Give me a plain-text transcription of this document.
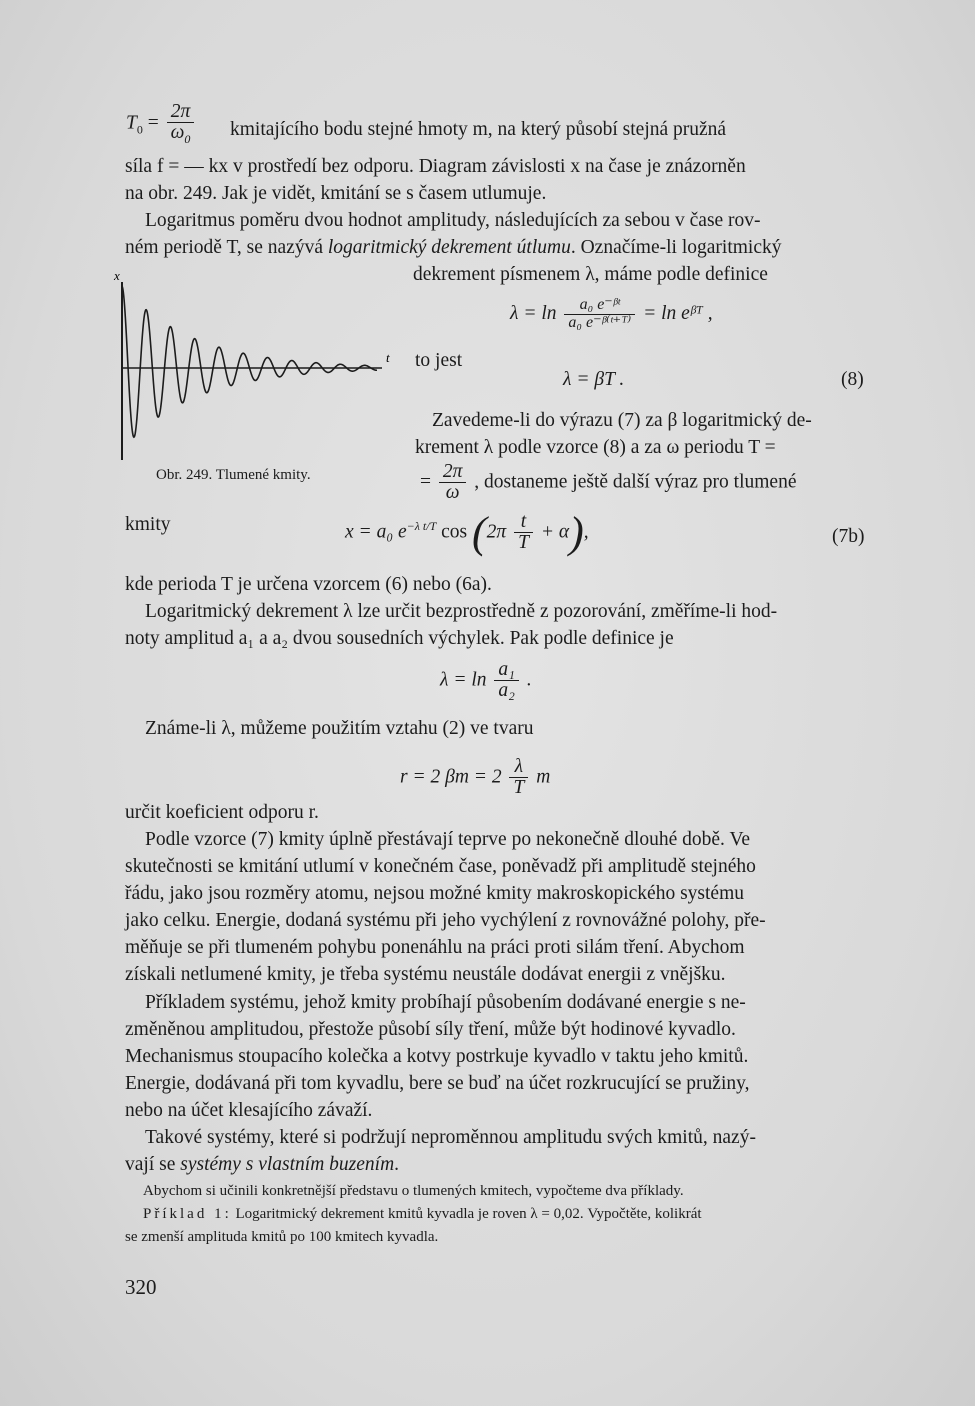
$T_0 = \frac{2\pi}{\omega_0}$ kmitajícího bodu stejné hmoty m, na který působí stejná pružná
síla f = — kx v prostředí bez odporu. Diagram závislosti x na čase je znázorněn
na obr. 249. Jak je vidět, kmitání se s časem utlumuje.
Logaritmus poměru dvou hodnot amplitudy, následujících za sebou v čase rov-
ném periodě T, se nazývá logaritmický dekrement útlumu. Označíme-li logaritmický
dekrement písmenem λ, máme podle definice
x
t
Obr. 249. Tlumené kmity.
$\lambda = \ln \frac{\text{a₀ e⁻ᵝᵗ}}{\text{a₀ e⁻ᵝ⁽ᵗ⁺ᵀ⁾}} = \ln$ eᵝᵀ ,
to jest
λ = βT .	(8)
Zavedeme-li do výrazu (7) za β logaritmický de-
krement λ podle vzorce (8) a za ω periodu T =
= $\frac{2\pi}{\omega}$ , dostaneme ještě další výraz pro tlumené
kmity	x = a₀ $e^{-\lambda t/T}$ $\cos (2\pi \frac{t}{T} + \alpha)$,	(7b)
kde perioda T je určena vzorcem (6) nebo (6a).
Logaritmický dekrement λ lze určit bezprostředně z pozorování, změříme-li hod-
noty amplitud a₁ a a₂ dvou sousedních výchylek. Pak podle definice je
$\lambda = \ln \frac{\text{a₁}}{\text{a₂}}$ .
Známe-li λ, můžeme použitím vztahu (2) ve tvaru
r = 2 $\beta m = 2 \frac{\lambda}{T}$ m
určit koeficient odporu r.
Podle vzorce (7) kmity úplně přestávají teprve po nekonečně dlouhé době. Ve
skutečnosti se kmitání utlumí v konečném čase, poněvadž při amplitudě stejného
řádu, jako jsou rozměry atomu, nejsou možné kmity makroskopického systému
jako celku. Energie, dodaná systému při jeho vychýlení z rovnovážné polohy, pře-
měňuje se při tlumeném pohybu ponenáhlu na práci proti silám tření. Abychom
získali netlumené kmity, je třeba systému neustále dodávat energii z vnějšku.
Příkladem systému, jehož kmity probíhají působením dodávané energie s ne-
změněnou amplitudou, přestože působí síly tření, může být hodinové kyvadlo.
Mechanismus stoupacího kolečka a kotvy postrkuje kyvadlo v taktu jeho kmitů.
Energie, dodávaná při tom kyvadlu, bere se buď na účet rozkrucující se pružiny,
nebo na účet klesajícího závaží.
Takové systémy, které si podržují neproměnnou amplitudu svých kmitů, nazý-
vají se systémy s vlastním buzením.
Abychom si učinili konkretnější představu o tlumených kmitech, vypočteme dva příklady.
Příklad 1: Logaritmický dekrement kmitů kyvadla je roven λ = 0,02. Vypočtěte, kolikrát
se zmenší amplituda kmitů po 100 kmitech kyvadla.
320
